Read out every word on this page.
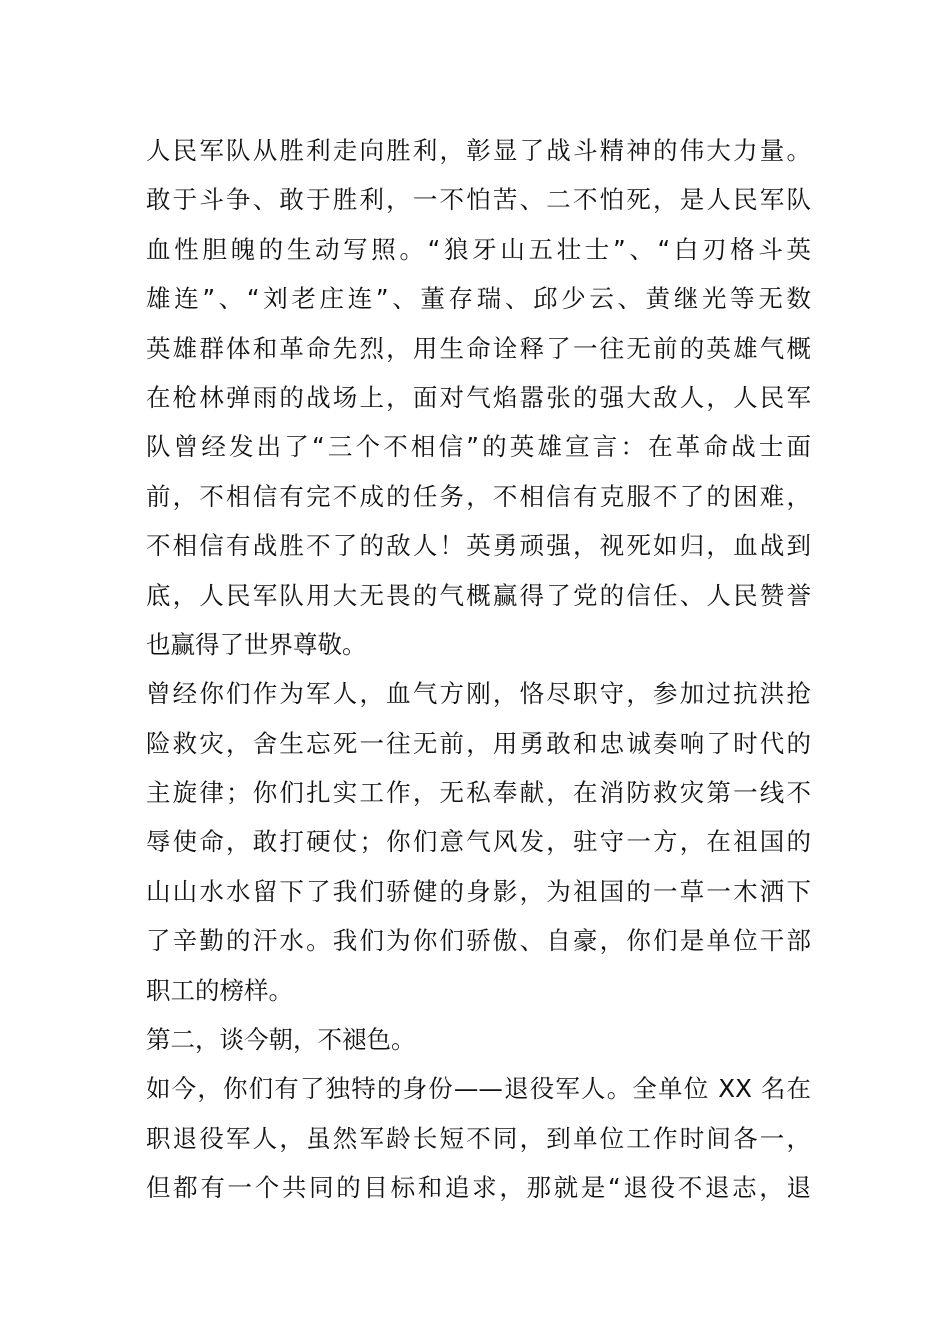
人民军队从胜利走向胜利，彰显了战斗精神的伟大力量。
敢于斗争、敢于胜利，一不怕苦、二不怕死，是人民军队
血性胆魄的生动写照。“狼牙山五壮士”、“白刃格斗英
雄连”、“刘老庄连”、董存瑞、邱少云、黄继光等无数
英雄群体和革命先烈，用生命诠释了一往无前的英雄气概
在枪林弹雨的战场上，面对气焰嚣张的强大敌人，人民军
队曾经发出了“三个不相信”的英雄宣言：在革命战士面
前，不相信有完不成的任务，不相信有克服不了的困难，
不相信有战胜不了的敌人！英勇顽强，视死如归，血战到
底，人民军队用大无畏的气概赢得了党的信任、人民赞誉
也赢得了世界尊敬。
曾经你们作为军人，血气方刚，恪尽职守，参加过抗洪抢
险救灾，舍生忘死一往无前，用勇敢和忠诚奏响了时代的
主旋律；你们扎实工作，无私奉献，在消防救灾第一线不
辱使命，敢打硬仗；你们意气风发，驻守一方，在祖国的
山山水水留下了我们骄健的身影，为祖国的一草一木洒下
了辛勤的汗水。我们为你们骄傲、自豪，你们是单位干部
职工的榜样。
第二，谈今朝，不褪色。
如今，你们有了独特的身份——退役军人。全单位 XX 名在
职退役军人，虽然军龄长短不同，到单位工作时间各一，
但都有一个共同的目标和追求，那就是“退役不退志，退
